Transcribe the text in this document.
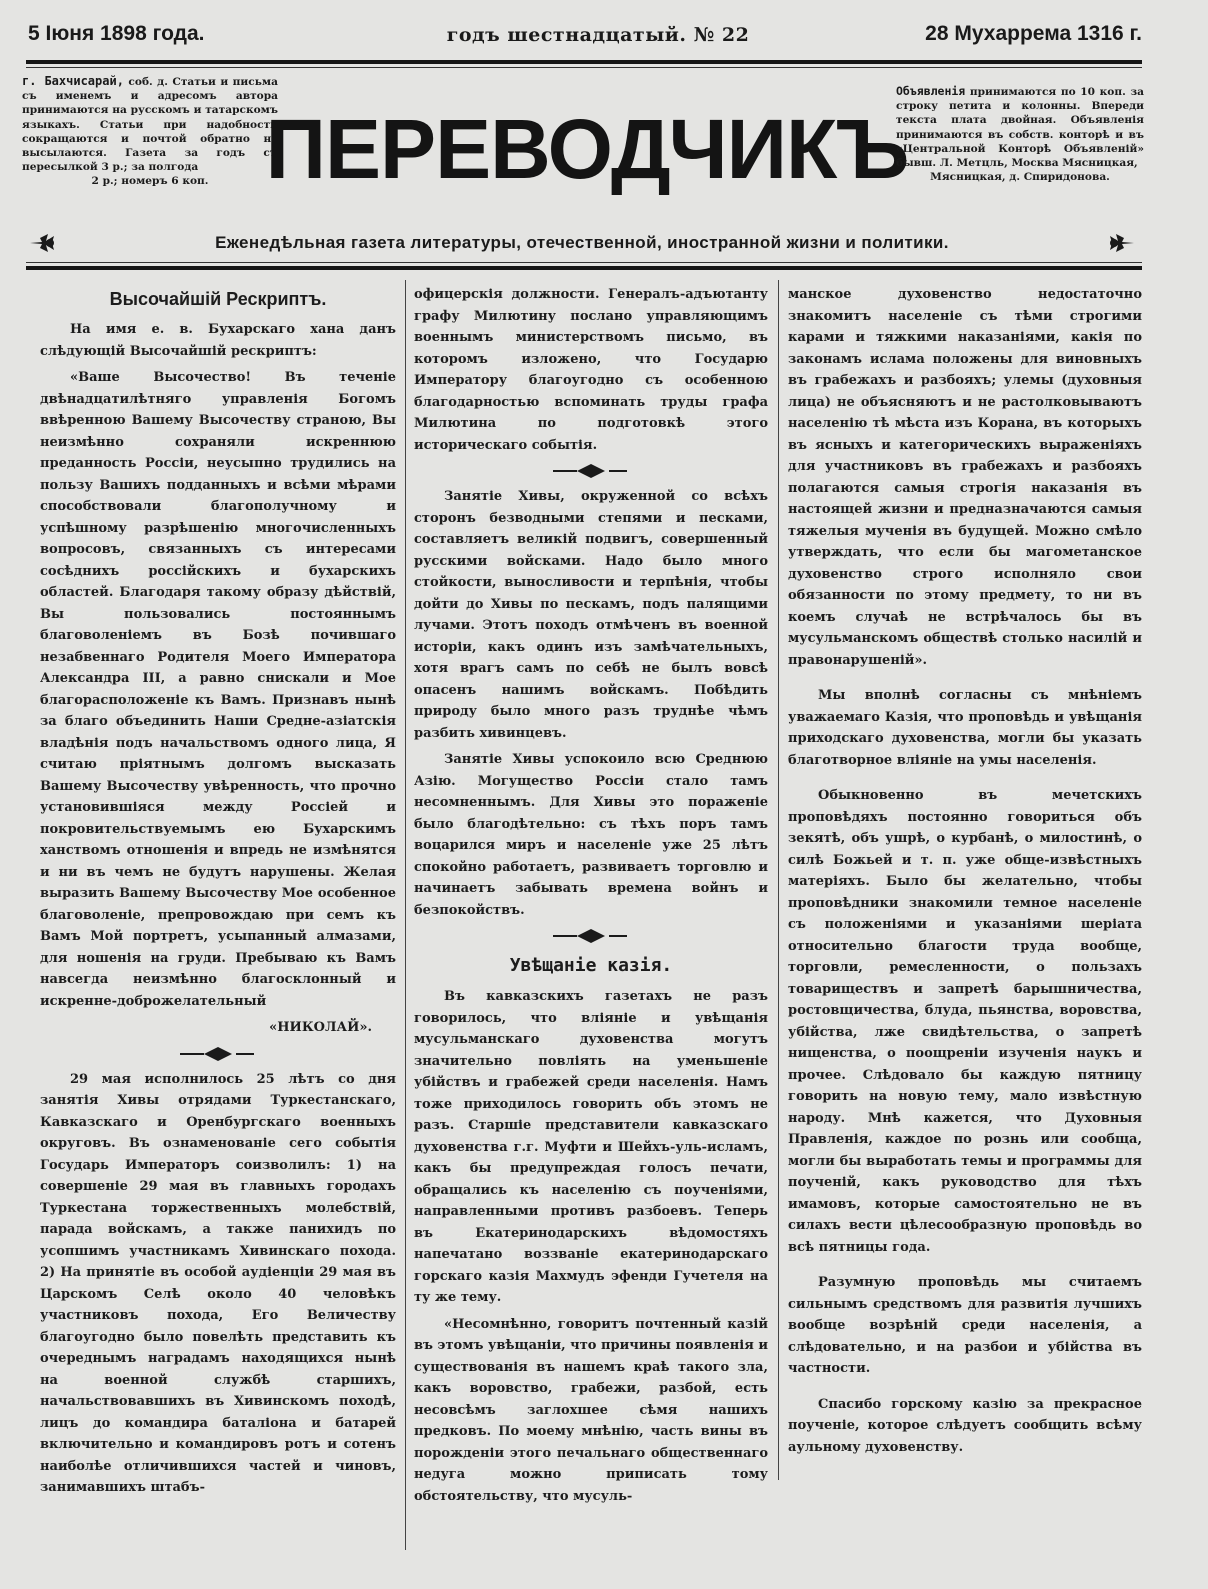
5 Іюня 1898 года.	годъ шестнадцатый. № 22	28 Мухаррема 1316 г.
г. Бахчисарай, соб. д. Статьи и письма съ именемъ и адресомъ автора принимаются на русскомъ и татарскомъ языкахъ. Статьи при надобности сокращаются и почтой обратно не высылаются. Газета за годъ съ пересылкой 3 р.; за полгода
2 р.; номеръ 6 коп. ПЕРЕВОДЧИКЪ
Объявленія принимаются по 10 коп. за строку петита и колонны. Впереди текста плата двойная. Объявленія принимаются въ собств. конторѣ и въ «Центральной Конторѣ Объявленій» бывш. Л. Метцль, Москва Мясницкая,
Мясницкая, д. Спиридонова.
Еженедѣльная газета литературы, отечественной, иностранной жизни и политики.

Высочайшій Рескриптъ.

На имя е. в. Бухарскаго хана данъ слѣдующій Высочайшій рескриптъ:

«Ваше Высочество! Въ теченіе двѣнадцатилѣтняго управленія Богомъ ввѣренною Вашему Высочеству страною, Вы неизмѣнно сохраняли искреннюю преданность Россіи, неусыпно трудились на пользу Вашихъ подданныхъ и всѣми мѣрами способствовали благополучному и успѣшному разрѣшенію многочисленныхъ вопросовъ, связанныхъ съ интересами сосѣднихъ россійскихъ и бухарскихъ областей. Благодаря такому образу дѣйствій, Вы пользовались постояннымъ благоволеніемъ въ Бозѣ почившаго незабвеннаго Родителя Моего Императора Александра III, а равно снискали и Мое благорасположеніе къ Вамъ. Признавъ нынѣ за благо объединить Наши Средне-азіатскія владѣнія подъ начальствомъ одного лица, Я считаю пріятнымъ долгомъ высказать Вашему Высочеству увѣренность, что прочно установившіяся между Россіей и покровительствуемымъ ею Бухарскимъ ханствомъ отношенія и впредь не измѣнятся и ни въ чемъ не будутъ нарушены. Желая выразить Вашему Высочеству Мое особенное благоволеніе, препровождаю при семъ къ Вамъ Мой портретъ, усыпанный алмазами, для ношенія на груди. Пребываю къ Вамъ навсегда неизмѣнно благосклонный и искренне-доброжелательный

«НИКОЛАЙ».

29 мая исполнилось 25 лѣтъ со дня занятія Хивы отрядами Туркестанскаго, Кавказскаго и Оренбургскаго военныхъ округовъ. Въ ознаменованіе сего событія Государь Императоръ соизволилъ: 1) на совершеніе 29 мая въ главныхъ городахъ Туркестана торжественныхъ молебствій, парада войскамъ, а также панихидъ по усопшимъ участникамъ Хивинскаго похода. 2) На принятіе въ особой аудіенціи 29 мая въ Царскомъ Селѣ около 40 человѣкъ участниковъ похода, Его Величеству благоугодно было повелѣть представить къ очереднымъ наградамъ находящихся нынѣ на военной службѣ старшихъ, начальствовавшихъ въ Хивинскомъ походѣ, лицъ до командира баталіона и батарей включительно и командировъ ротъ и сотенъ наиболѣе отличившихся частей и чиновъ, занимавшихъ штабъ-

офицерскія должности. Генералъ-адъютанту графу Милютину послано управляющимъ военнымъ министерствомъ письмо, въ которомъ изложено, что Государю Императору благоугодно съ особенною благодарностью вспоминать труды графа Милютина по подготовкѣ этого историческаго событія.

Занятіе Хивы, окруженной со всѣхъ сторонъ безводными степями и песками, составляетъ великій подвигъ, совершенный русскими войсками. Надо было много стойкости, выносливости и терпѣнія, чтобы дойти до Хивы по пескамъ, подъ палящими лучами. Этотъ походъ отмѣченъ въ военной исторіи, какъ одинъ изъ замѣчательныхъ, хотя врагъ самъ по себѣ не былъ вовсѣ опасенъ нашимъ войскамъ. Побѣдить природу было много разъ труднѣе чѣмъ разбить хивинцевъ.

Занятіе Хивы успокоило всю Среднюю Азію. Могущество Россіи стало тамъ несомненнымъ. Для Хивы это пораженіе было благодѣтельно: съ тѣхъ поръ тамъ воцарился миръ и населеніе уже 25 лѣтъ спокойно работаетъ, развиваетъ торговлю и начинаетъ забывать времена войнъ и безпокойствъ.

Увѣщаніе казія.

Въ кавказскихъ газетахъ не разъ говорилось, что вліяніе и увѣщанія мусульманскаго духовенства могутъ значительно повліять на уменьшеніе убійствъ и грабежей среди населенія. Намъ тоже приходилось говорить объ этомъ не разъ. Старшіе представители кавказскаго духовенства г.г. Муфти и Шейхъ-уль-исламъ, какъ бы предупреждая голосъ печати, обращались къ населенію съ поученіями, направленными противъ разбоевъ. Теперь въ Екатеринодарскихъ вѣдомостяхъ напечатано воззваніе екатеринодарскаго горскаго казія Махмудъ эфенди Гучетеля на ту же тему.

«Несомнѣнно, говоритъ почтенный казій въ этомъ увѣщаніи, что причины появленія и существованія въ нашемъ краѣ такого зла, какъ воровство, грабежи, разбой, есть несовсѣмъ заглохшее сѣмя нашихъ предковъ. По моему мнѣнію, часть вины въ порожденіи этого печальнаго общественнаго недуга можно приписать тому обстоятельству, что мусуль-

манское духовенство недостаточно знакомитъ населеніе съ тѣми строгими карами и тяжкими наказаніями, какія по законамъ ислама положены для виновныхъ въ грабежахъ и разбояхъ; улемы (духовныя лица) не объясняютъ и не растолковываютъ населенію тѣ мѣста изъ Корана, въ которыхъ въ ясныхъ и категорическихъ выраженіяхъ для участниковъ въ грабежахъ и разбояхъ полагаются самыя строгія наказанія въ настоящей жизни и предназначаются самыя тяжелыя мученія въ будущей. Можно смѣло утверждать, что если бы магометанское духовенство строго исполняло свои обязанности по этому предмету, то ни въ коемъ случаѣ не встрѣчалось бы въ мусульманскомъ обществѣ столько насилій и правонарушеній».

Мы вполнѣ согласны съ мнѣніемъ уважаемаго Казія, что проповѣдь и увѣщанія приходскаго духовенства, могли бы указать благотворное вліяніе на умы населенія.

Обыкновенно въ мечетскихъ проповѣдяхъ постоянно говориться объ зекятѣ, объ ушрѣ, о курбанѣ, о милостинѣ, о силѣ Божьей и т. п. уже обще-извѣстныхъ матеріяхъ. Было бы желательно, чтобы проповѣдники знакомили темное населеніе съ положеніями и указаніями шеріата относительно благости труда вообще, торговли, ремесленности, о пользахъ товариществъ и запретѣ барышничества, ростовщичества, блуда, пьянства, воровства, убійства, лже свидѣтельства, о запретѣ нищенства, о поощреніи изученія наукъ и прочее. Слѣдовало бы каждую пятницу говорить на новую тему, мало извѣстную народу. Мнѣ кажется, что Духовныя Правленія, каждое по рознь или сообща, могли бы выработать темы и программы для поученій, какъ руководство для тѣхъ имамовъ, которые самостоятельно не въ силахъ вести цѣлесообразную проповѣдь во всѣ пятницы года.

Разумную проповѣдь мы считаемъ сильнымъ средствомъ для развитія лучшихъ вообще возрѣній среди населенія, а слѣдовательно, и на разбои и убійства въ частности.

Спасибо горскому казію за прекрасное поученіе, которое слѣдуетъ сообщить всѣму аульному духовенству.
